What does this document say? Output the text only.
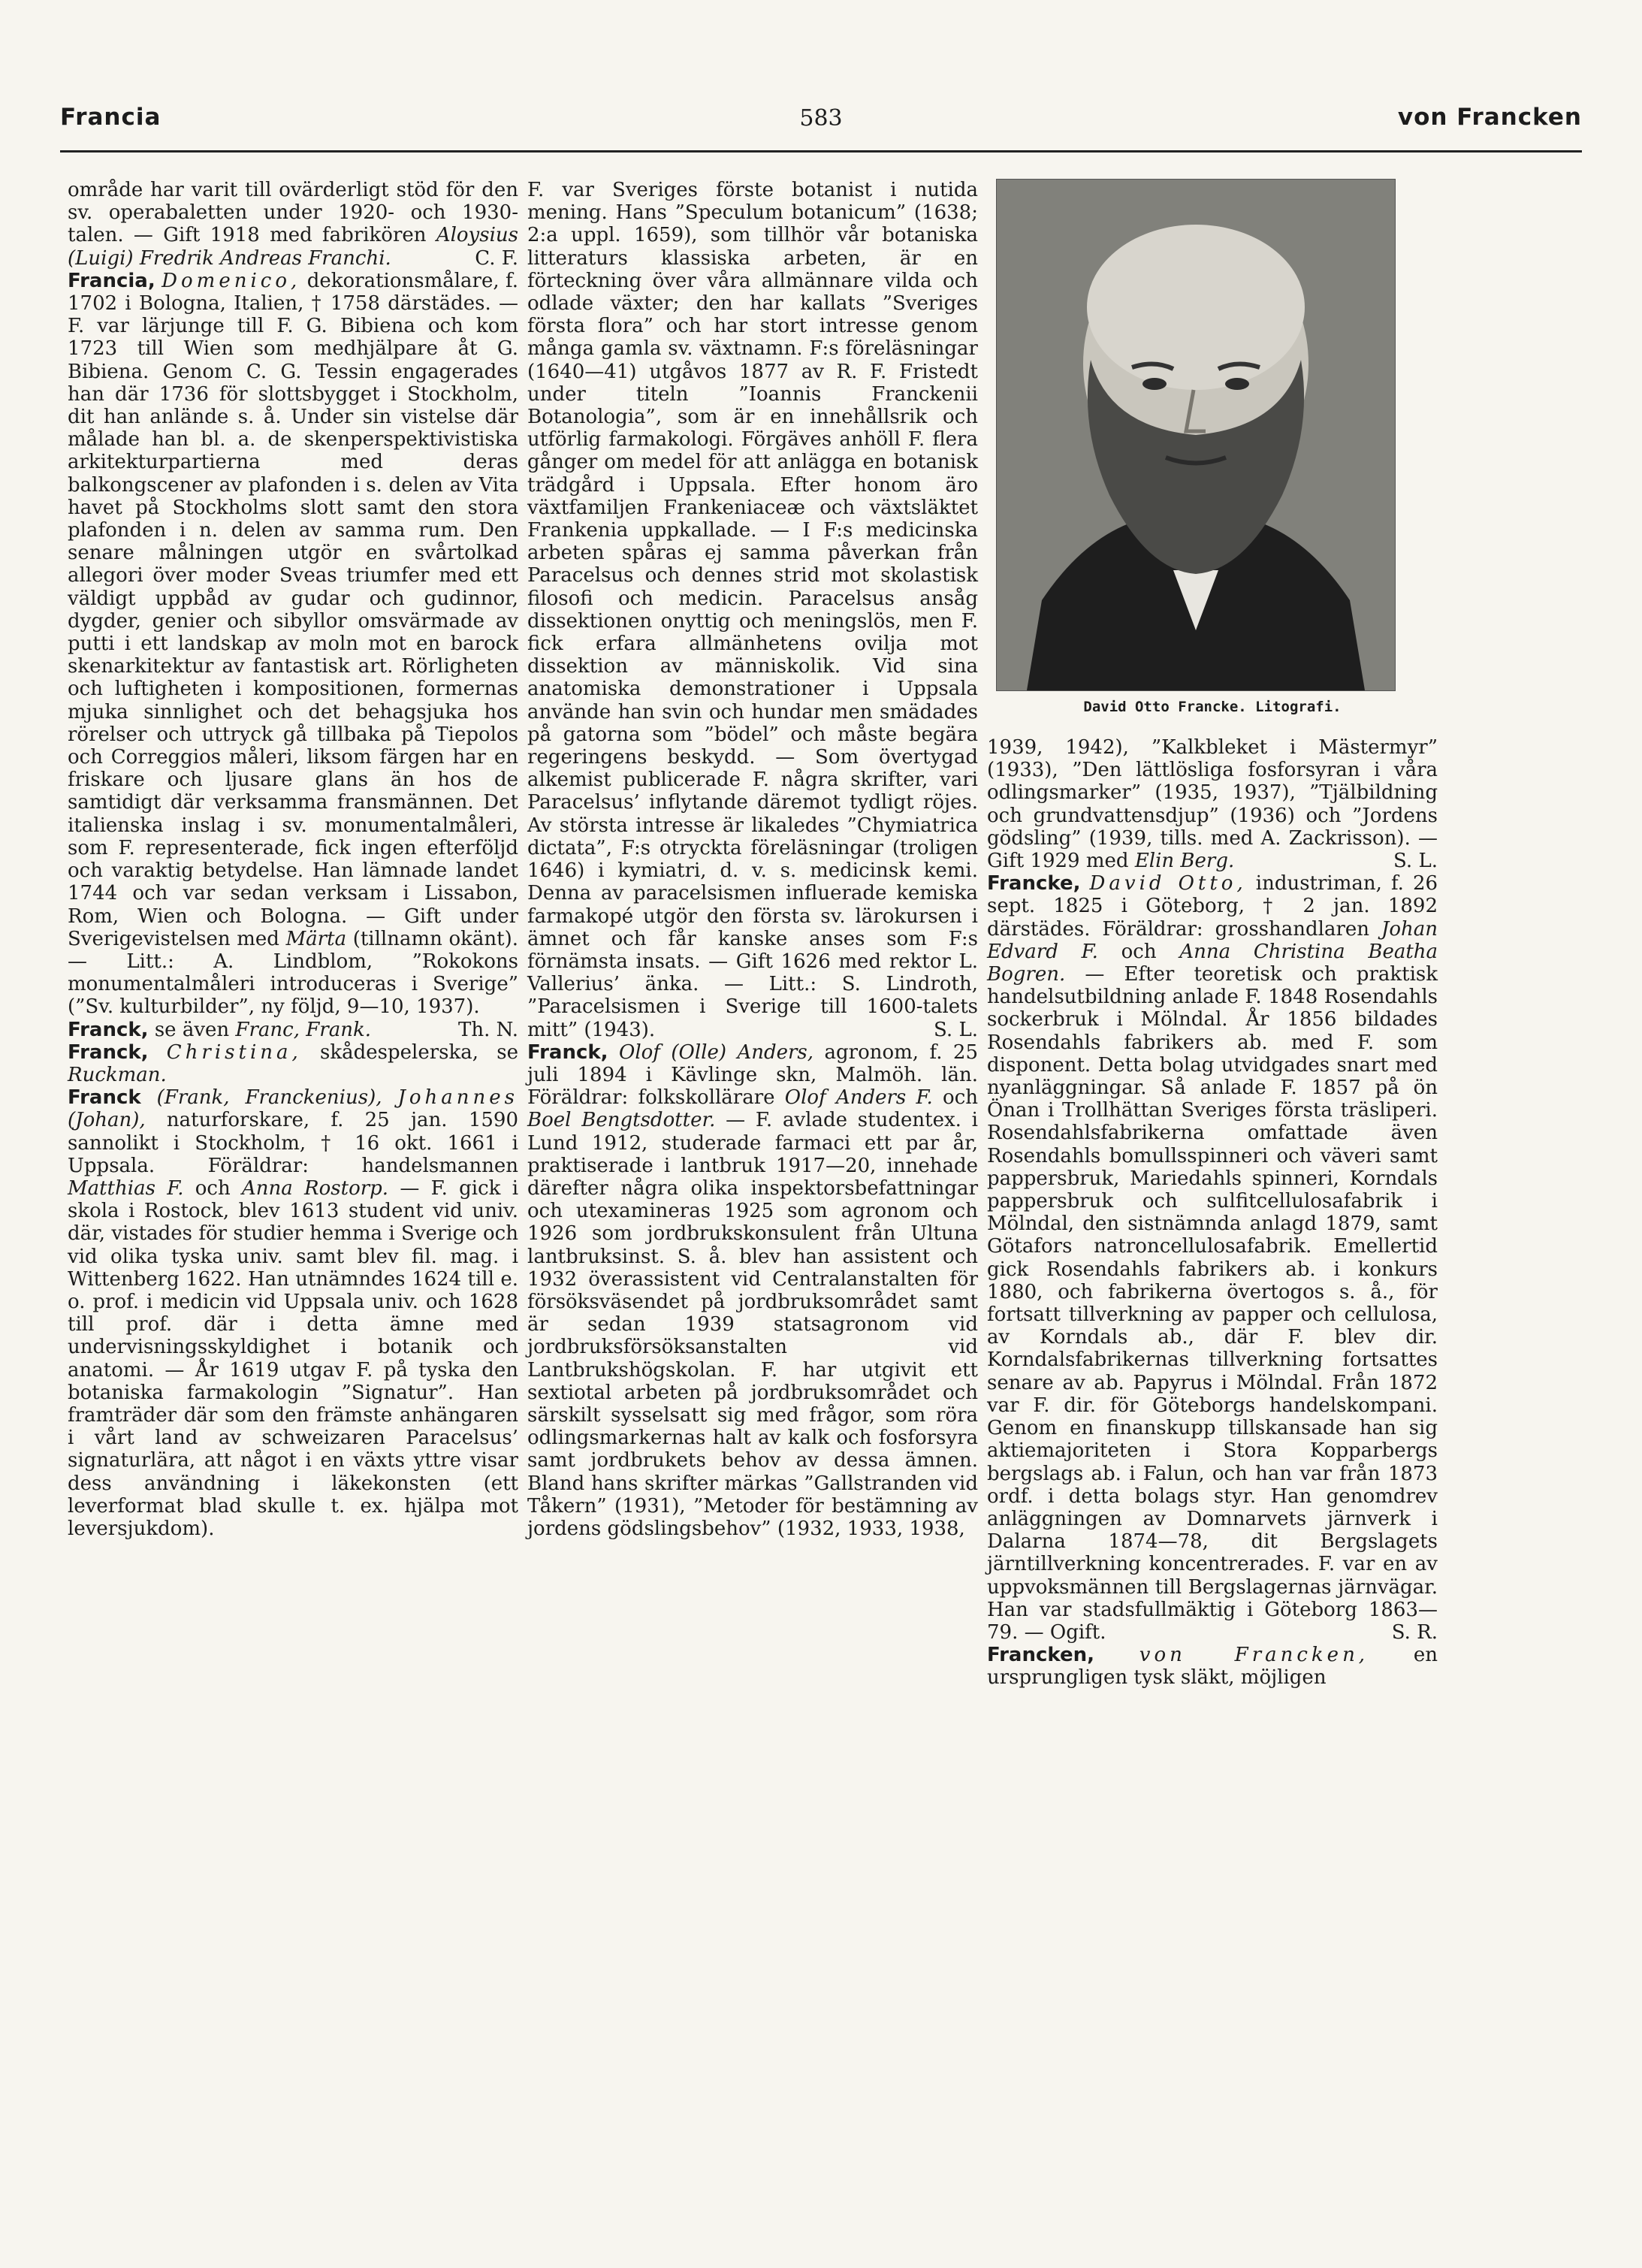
Francia	583	von Francken

område har varit till ovärderligt stöd för den sv. operabaletten under 1920- och 1930-talen. — Gift 1918 med fabrikören Aloysius (Luigi) Fredrik Andreas Franchi.	C. F.

Francia, Domenico, dekorationsmålare, f. 1702 i Bologna, Italien, † 1758 därstädes. — F. var lärjunge till F. G. Bibiena och kom 1723 till Wien som medhjälpare åt G. Bibiena. Genom C. G. Tessin engagerades han där 1736 för slottsbygget i Stockholm, dit han anlände s. å. Under sin vistelse där målade han bl. a. de skenperspektivistiska arkitekturpartierna med deras balkongscener av plafonden i s. delen av Vita havet på Stockholms slott samt den stora plafonden i n. delen av samma rum. Den senare målningen utgör en svårtolkad allegori över moder Sveas triumfer med ett väldigt uppbåd av gudar och gudinnor, dygder, genier och sibyllor omsvärmade av putti i ett landskap av moln mot en barock skenarkitektur av fantastisk art. Rörligheten och luftigheten i kompositionen, formernas mjuka sinnlighet och det behagsjuka hos rörelser och uttryck gå tillbaka på Tiepolos och Correggios måleri, liksom färgen har en friskare och ljusare glans än hos de samtidigt där verksamma fransmännen. Det italienska inslag i sv. monumentalmåleri, som F. representerade, fick ingen efterföljd och varaktig betydelse. Han lämnade landet 1744 och var sedan verksam i Lissabon, Rom, Wien och Bologna. — Gift under Sverigevistelsen med Märta (tillnamn okänt). — Litt.: A. Lindblom, ”Rokokons monumentalmåleri introduceras i Sverige” (”Sv. kulturbilder”, ny följd, 9—10, 1937).
Th. N.

Franck, se även Franc, Frank.

Franck, Christina, skådespelerska, se Ruckman.

Franck (Frank, Franckenius), Johannes (Johan), naturforskare, f. 25 jan. 1590 sannolikt i Stockholm, † 16 okt. 1661 i Uppsala. Föräldrar: handelsmannen Matthias F. och Anna Rostorp. — F. gick i skola i Rostock, blev 1613 student vid univ. där, vistades för studier hemma i Sverige och vid olika tyska univ. samt blev fil. mag. i Wittenberg 1622. Han utnämndes 1624 till e. o. prof. i medicin vid Uppsala univ. och 1628 till prof. där i detta ämne med undervisningsskyldighet i botanik och anatomi. — År 1619 utgav F. på tyska den botaniska farmakologin ”Signatur”. Han framträder där som den främste anhängaren i vårt land av schweizaren Paracelsus’ signaturlära, att något i en växts yttre visar dess användning i läkekonsten (ett leverformat blad skulle t. ex. hjälpa mot leversjukdom).

F. var Sveriges förste botanist i nutida mening. Hans ”Speculum botanicum” (1638; 2:a uppl. 1659), som tillhör vår botaniska litteraturs klassiska arbeten, är en förteckning över våra allmännare vilda och odlade växter; den har kallats ”Sveriges första flora” och har stort intresse genom många gamla sv. växtnamn. F:s föreläsningar (1640—41) utgåvos 1877 av R. F. Fristedt under titeln ”Ioannis Franckenii Botanologia”, som är en innehållsrik och utförlig farmakologi. Förgäves anhöll F. flera gånger om medel för att anlägga en botanisk trädgård i Uppsala. Efter honom äro växtfamiljen Frankeniaceæ och växtsläktet Frankenia uppkallade. — I F:s medicinska arbeten spåras ej samma påverkan från Paracelsus och dennes strid mot skolastisk filosofi och medicin. Paracelsus ansåg dissektionen onyttig och meningslös, men F. fick erfara allmänhetens ovilja mot dissektion av människolik. Vid sina anatomiska demonstrationer i Uppsala använde han svin och hundar men smädades på gatorna som ”bödel” och måste begära regeringens beskydd. — Som övertygad alkemist publicerade F. några skrifter, vari Paracelsus’ inflytande däremot tydligt röjes. Av största intresse är likaledes ”Chymiatrica dictata”, F:s otryckta föreläsningar (troligen 1646) i kymiatri, d. v. s. medicinsk kemi. Denna av paracelsismen influerade kemiska farmakopé utgör den första sv. lärokursen i ämnet och får kanske anses som F:s förnämsta insats. — Gift 1626 med rektor L. Vallerius’ änka. — Litt.: S. Lindroth, ”Paracelsismen i Sverige till 1600-talets mitt” (1943).	S. L.

Franck, Olof (Olle) Anders, agronom, f. 25 juli 1894 i Kävlinge skn, Malmöh. län. Föräldrar: folkskollärare Olof Anders F. och Boel Bengtsdotter. — F. avlade studentex. i Lund 1912, studerade farmaci ett par år, praktiserade i lantbruk 1917—20, innehade därefter några olika inspektorsbefattningar och utexamineras 1925 som agronom och 1926 som jordbrukskonsulent från Ultuna lantbruksinst. S. å. blev han assistent och 1932 överassistent vid Centralanstalten för försöksväsendet på jordbruksområdet samt är sedan 1939 statsagronom vid jordbruksförsöksanstalten vid Lantbrukshögskolan. F. har utgivit ett sextiotal arbeten på jordbruksområdet och särskilt sysselsatt sig med frågor, som röra odlingsmarkernas halt av kalk och fosforsyra samt jordbrukets behov av dessa ämnen. Bland hans skrifter märkas ”Gallstranden vid Tåkern” (1931), ”Metoder för bestämning av jordens gödslingsbehov” (1932, 1933, 1938,

David Otto Francke. Litografi.

1939, 1942), ”Kalkbleket i Mästermyr” (1933), ”Den lättlösliga fosforsyran i våra odlingsmarker” (1935, 1937), ”Tjälbildning och grundvattensdjup” (1936) och ”Jordens gödsling” (1939, tills. med A. Zackrisson). — Gift 1929 med Elin Berg.	S. L.

Francke, David Otto, industriman, f. 26 sept. 1825 i Göteborg, † 2 jan. 1892 därstädes. Föräldrar: grosshandlaren Johan Edvard F. och Anna Christina Beatha Bogren. — Efter teoretisk och praktisk handelsutbildning anlade F. 1848 Rosendahls sockerbruk i Mölndal. År 1856 bildades Rosendahls fabrikers ab. med F. som disponent. Detta bolag utvidgades snart med nyanläggningar. Så anlade F. 1857 på ön Önan i Trollhättan Sveriges första träsliperi. Rosendahlsfabrikerna omfattade även Rosendahls bomullsspinneri och väveri samt pappersbruk, Mariedahls spinneri, Korndals pappersbruk och sulfitcellulosafabrik i Mölndal, den sistnämnda anlagd 1879, samt Götafors natroncellulosafabrik. Emellertid gick Rosendahls fabrikers ab. i konkurs 1880, och fabrikerna övertogos s. å., för fortsatt tillverkning av papper och cellulosa, av Korndals ab., där F. blev dir. Korndalsfabrikernas tillverkning fortsattes senare av ab. Papyrus i Mölndal. Från 1872 var F. dir. för Göteborgs handelskompani. Genom en finanskupp tillskansade han sig aktiemajoriteten i Stora Kopparbergs bergslags ab. i Falun, och han var från 1873 ordf. i detta bolags styr. Han genomdrev anläggningen av Domnarvets järnverk i Dalarna 1874—78, dit Bergslagets järntillverkning koncentrerades. F. var en av uppvoksmännen till Bergslagernas järnvägar. Han var stadsfullmäktig i Göteborg 1863—79. — Ogift.	S. R.

Francken, von Francken, en ursprungligen tysk släkt, möjligen
